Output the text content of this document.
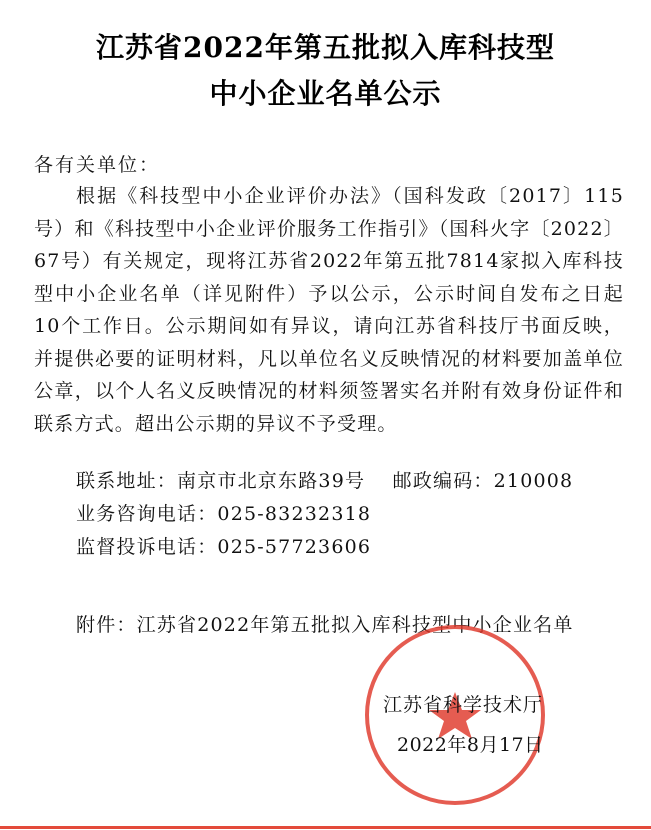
江苏省2022年第五批拟入库科技型
中小企业名单公示
各有关单位：

根据《科技型中小企业评价办法》（国科发政〔2017〕115号）和《科技型中小企业评价服务工作指引》（国科火字〔2022〕67号）有关规定，现将江苏省2022年第五批7814家拟入库科技型中小企业名单（详见附件）予以公示，公示时间自发布之日起10个工作日。公示期间如有异议，请向江苏省科技厅书面反映，并提供必要的证明材料，凡以单位名义反映情况的材料要加盖单位公章，以个人名义反映情况的材料须签署实名并附有效身份证件和联系方式。超出公示期的异议不予受理。

联系地址：南京市北京东路39号　 邮政编码：210008
业务咨询电话：025-83232318
监督投诉电话：025-57723606
附件：江苏省2022年第五批拟入库科技型中小企业名单
江苏省科学技术厅
2022年8月17日
